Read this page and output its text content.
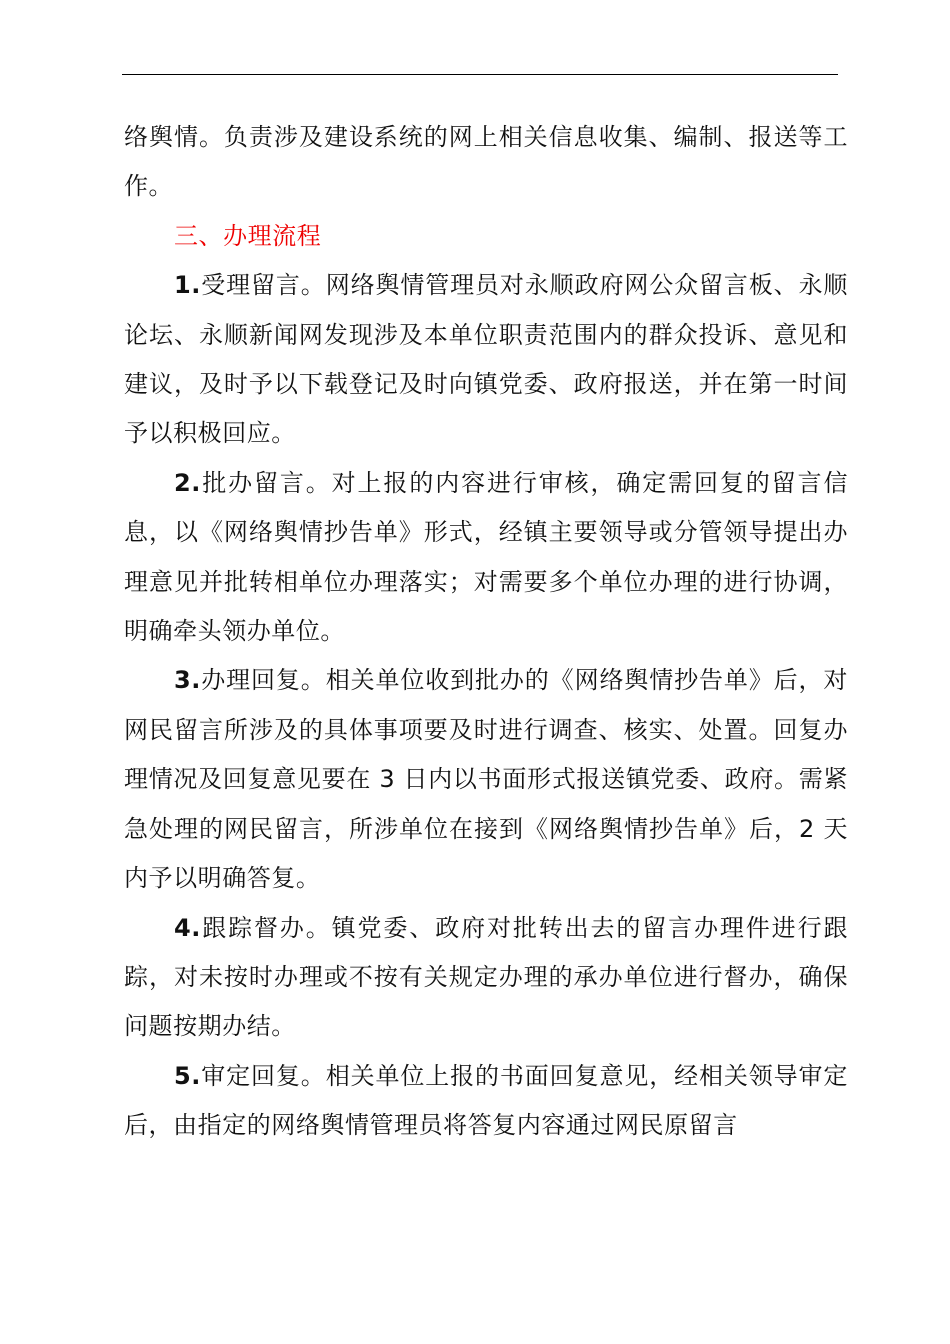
络舆情。负责涉及建设系统的网上相关信息收集、编制、报送等工作。

三、办理流程

1.受理留言。网络舆情管理员对永顺政府网公众留言板、永顺论坛、永顺新闻网发现涉及本单位职责范围内的群众投诉、意见和建议，及时予以下载登记及时向镇党委、政府报送，并在第一时间予以积极回应。

2.批办留言。对上报的内容进行审核，确定需回复的留言信息，以《网络舆情抄告单》形式，经镇主要领导或分管领导提出办理意见并批转相单位办理落实；对需要多个单位办理的进行协调，明确牵头领办单位。

3.办理回复。相关单位收到批办的《网络舆情抄告单》后，对网民留言所涉及的具体事项要及时进行调查、核实、处置。回复办理情况及回复意见要在 3 日内以书面形式报送镇党委、政府。需紧急处理的网民留言，所涉单位在接到《网络舆情抄告单》后，2 天内予以明确答复。

4.跟踪督办。镇党委、政府对批转出去的留言办理件进行跟踪，对未按时办理或不按有关规定办理的承办单位进行督办，确保问题按期办结。

5.审定回复。相关单位上报的书面回复意见，经相关领导审定后，由指定的网络舆情管理员将答复内容通过网民原留言
